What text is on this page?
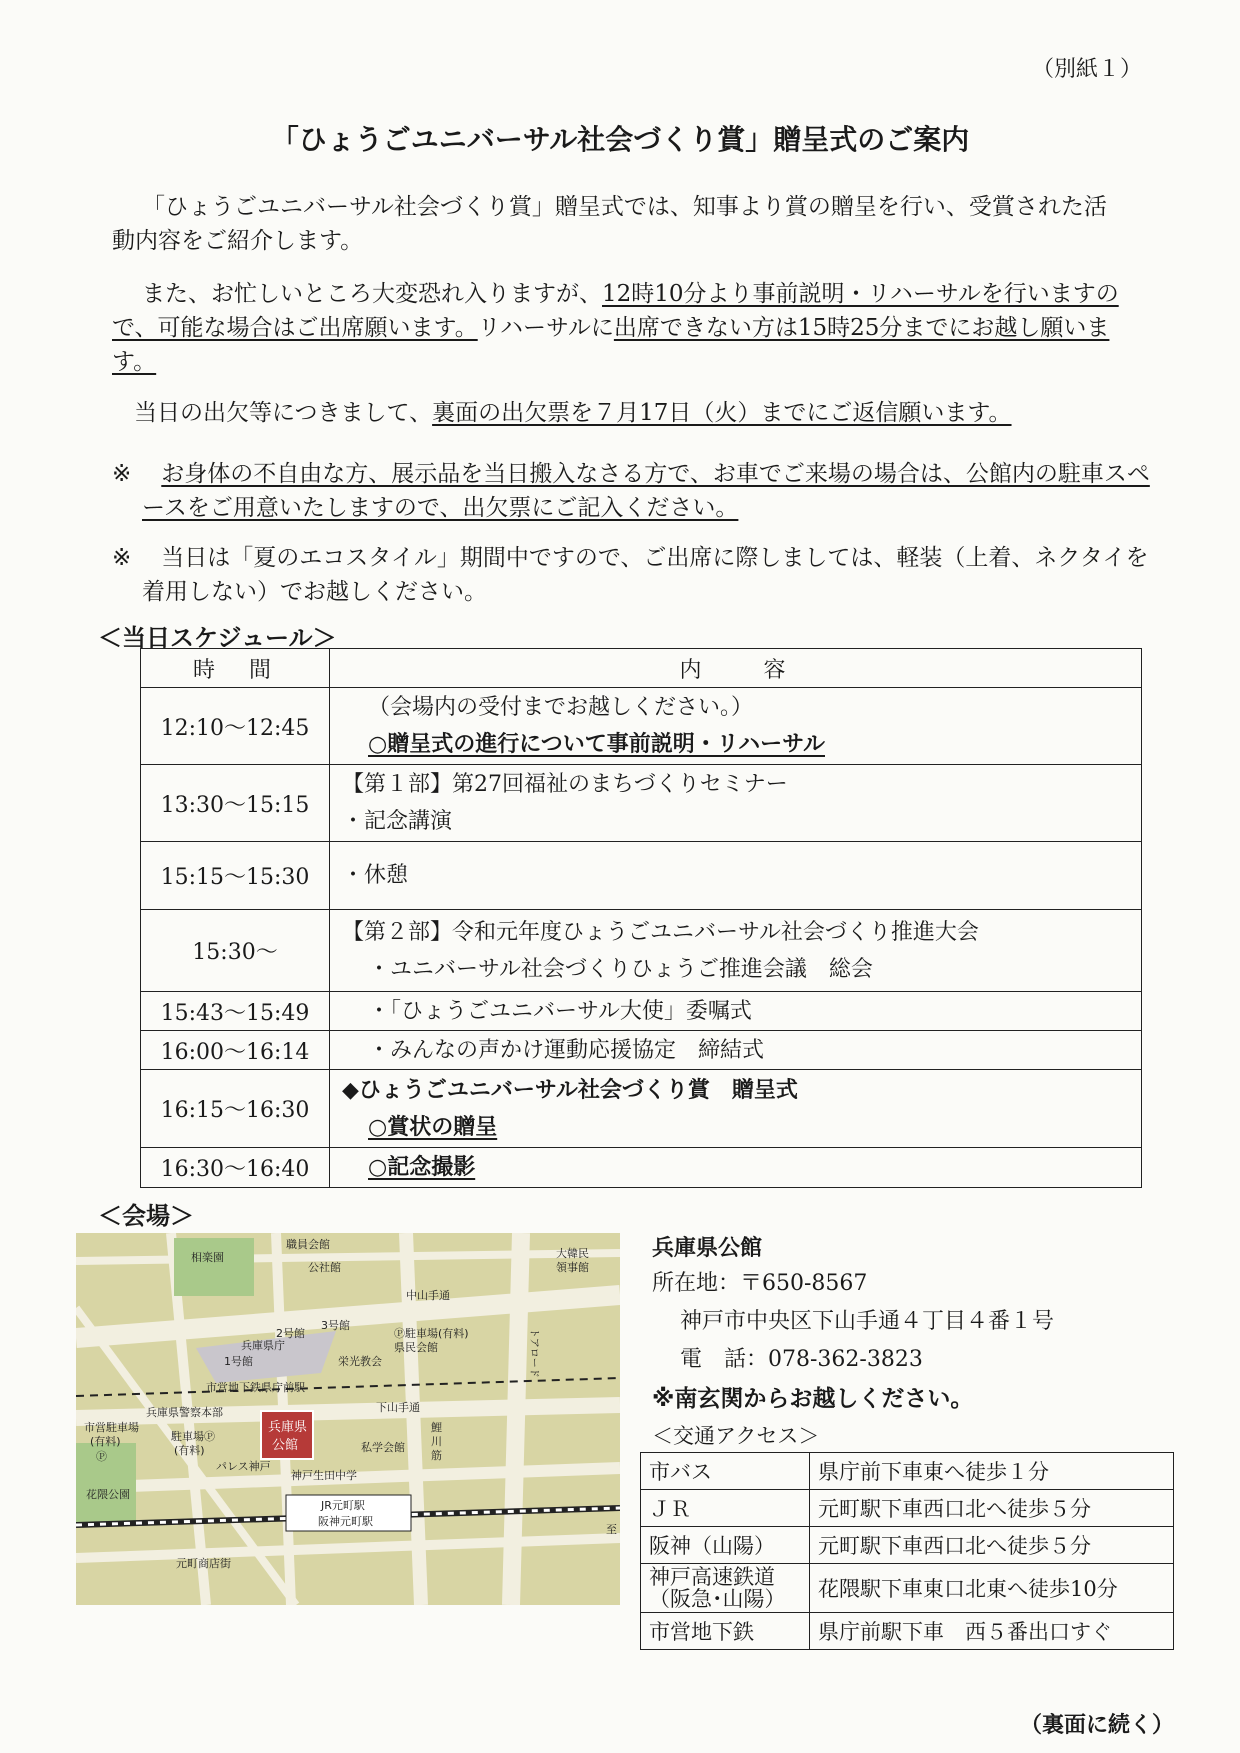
（別紙１）
「ひょうごユニバーサル社会づくり賞」贈呈式のご案内
「ひょうごユニバーサル社会づくり賞」贈呈式では、知事より賞の贈呈を行い、受賞された活動内容をご紹介します。
また、お忙しいところ大変恐れ入りますが、12時10分より事前説明・リハーサルを行いますので、可能な場合はご出席願います。リハーサルに出席できない方は15時25分までにお越し願います。
当日の出欠等につきまして、裏面の出欠票を７月17日（火）までにご返信願います。
※ お身体の不自由な方、展示品を当日搬入なさる方で、お車でご来場の場合は、公館内の駐車スペースをご用意いたしますので、出欠票にご記入ください。
※ 当日は「夏のエコスタイル」期間中ですので、ご出席に際しましては、軽装（上着、ネクタイを着用しない）でお越しください。
＜当日スケジュール＞
時　間	内　　容
12:10〜12:45	（会場内の受付までお越しください。）
○贈呈式の進行について事前説明・リハーサル

13:30〜15:15	【第１部】第27回福祉のまちづくりセミナー
・記念講演

15:15〜15:30	・休憩

15:30〜	【第２部】令和元年度ひょうごユニバーサル社会づくり推進大会
・ユニバーサル社会づくりひょうご推進会議　総会

15:43〜15:49	・「ひょうごユニバーサル大使」委嘱式

16:00〜16:14	・みんなの声かけ運動応援協定　締結式

16:15〜16:30	◆ひょうごユニバーサル社会づくり賞　贈呈式
○賞状の贈呈

16:30〜16:40	○記念撮影
＜会場＞
相楽園
職員会館
公社館
大韓民
領事館
中山手通
2号館
3号館
Ⓟ駐車場(有料)
県民会館
兵庫県庁
1号館	栄光教会	トアロード
市営地下鉄県庁前駅
兵庫県警察本部
兵庫県
公館
下山手通
市営駐車場
(有料)
Ⓟ
駐車場Ⓟ
(有料)
パレス神戸
私学会館
鯉
川
筋
神戸生田中学
花隈公園
JR元町駅
阪神元町駅
元町商店街
至
兵庫県公館
所在地：〒650-8567
神戸市中央区下山手通４丁目４番１号
電　話：078-362-3823
※南玄関からお越しください。
＜交通アクセス＞
市バス	県庁前下車東へ徒歩１分
ＪＲ	元町駅下車西口北へ徒歩５分
阪神（山陽）	元町駅下車西口北へ徒歩５分
神戸高速鉄道（阪急･山陽）	花隈駅下車東口北東へ徒歩10分
市営地下鉄	県庁前駅下車　西５番出口すぐ
（裏面に続く）
